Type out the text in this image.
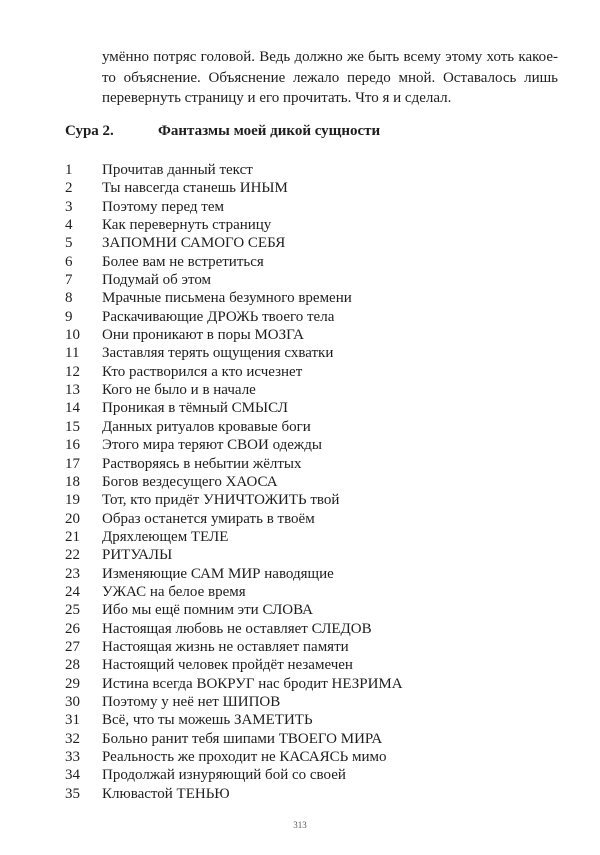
умённо потряс головой. Ведь должно же быть всему этому хоть какое-то объяснение. Объяснение лежало передо мной. Оставалось лишь перевернуть страницу и его прочитать. Что я и сделал.
Сура 2.	Фантазмы моей дикой сущности
1 Прочитав данный текст
2 Ты навсегда станешь ИНЫМ
3 Поэтому перед тем
4 Как перевернуть страницу
5 ЗАПОМНИ САМОГО СЕБЯ
6 Более вам не встретиться
7 Подумай об этом
8 Мрачные письмена безумного времени
9 Раскачивающие ДРОЖЬ твоего тела
10 Они проникают в поры МОЗГА
11 Заставляя терять ощущения схватки
12 Кто растворился а кто исчезнет
13 Кого не было и в начале
14 Проникая в тёмный СМЫСЛ
15 Данных ритуалов кровавые боги
16 Этого мира теряют СВОИ одежды
17 Растворяясь в небытии жёлтых
18 Богов вездесущего ХАОСА
19 Тот, кто придёт УНИЧТОЖИТЬ твой
20 Образ останется умирать в твоём
21 Дряхлеющем ТЕЛЕ
22 РИТУАЛЫ
23 Изменяющие САМ МИР наводящие
24 УЖАС на белое время
25 Ибо мы ещё помним эти СЛОВА
26 Настоящая любовь не оставляет СЛЕДОВ
27 Настоящая жизнь не оставляет памяти
28 Настоящий человек пройдёт незамечен
29 Истина всегда ВОКРУГ нас бродит НЕЗРИМА
30 Поэтому у неё нет ШИПОВ
31 Всё, что ты можешь ЗАМЕТИТЬ
32 Больно ранит тебя шипами ТВОЕГО МИРА
33 Реальность же проходит не КАСАЯСЬ мимо
34 Продолжай изнуряющий бой со своей
35 Клювастой ТЕНЬЮ
313
